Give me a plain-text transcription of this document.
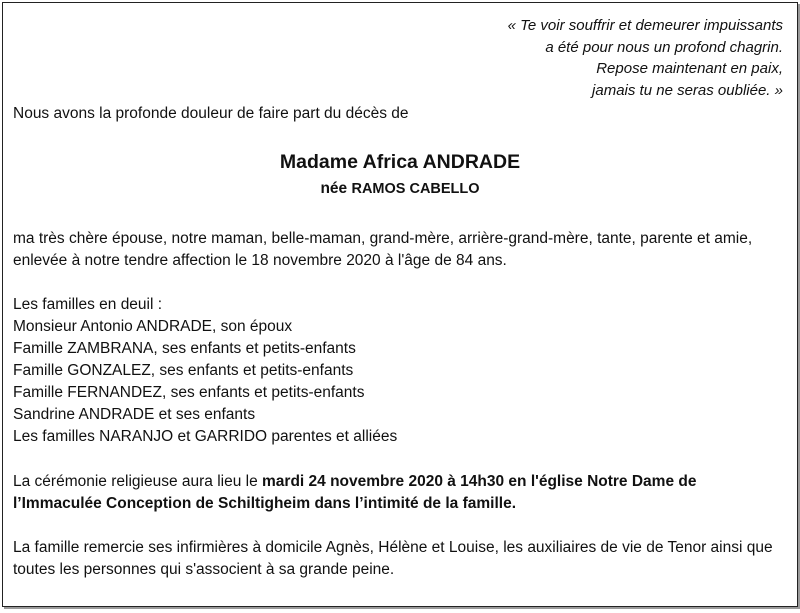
« Te voir souffrir et demeurer impuissants
a été pour nous un profond chagrin.
Repose maintenant en paix,
jamais tu ne seras oubliée. »
Nous avons la profonde douleur de faire part du décès de
Madame Africa ANDRADE
née RAMOS CABELLO
ma très chère épouse, notre maman, belle-maman, grand-mère, arrière-grand-mère, tante, parente et amie, enlevée à notre tendre affection le 18 novembre 2020 à l'âge de 84 ans.
Les familles en deuil :
Monsieur Antonio ANDRADE, son époux
Famille ZAMBRANA, ses enfants et petits-enfants
Famille GONZALEZ, ses enfants et petits-enfants
Famille FERNANDEZ, ses enfants et petits-enfants
Sandrine ANDRADE et ses enfants
Les familles NARANJO et GARRIDO parentes et alliées
La cérémonie religieuse aura lieu le mardi 24 novembre 2020 à 14h30 en l'église Notre Dame de l’Immaculée Conception de Schiltigheim dans l’intimité de la famille.
La famille remercie ses infirmières à domicile Agnès, Hélène et Louise, les auxiliaires de vie de Tenor ainsi que toutes les personnes qui s'associent à sa grande peine.
